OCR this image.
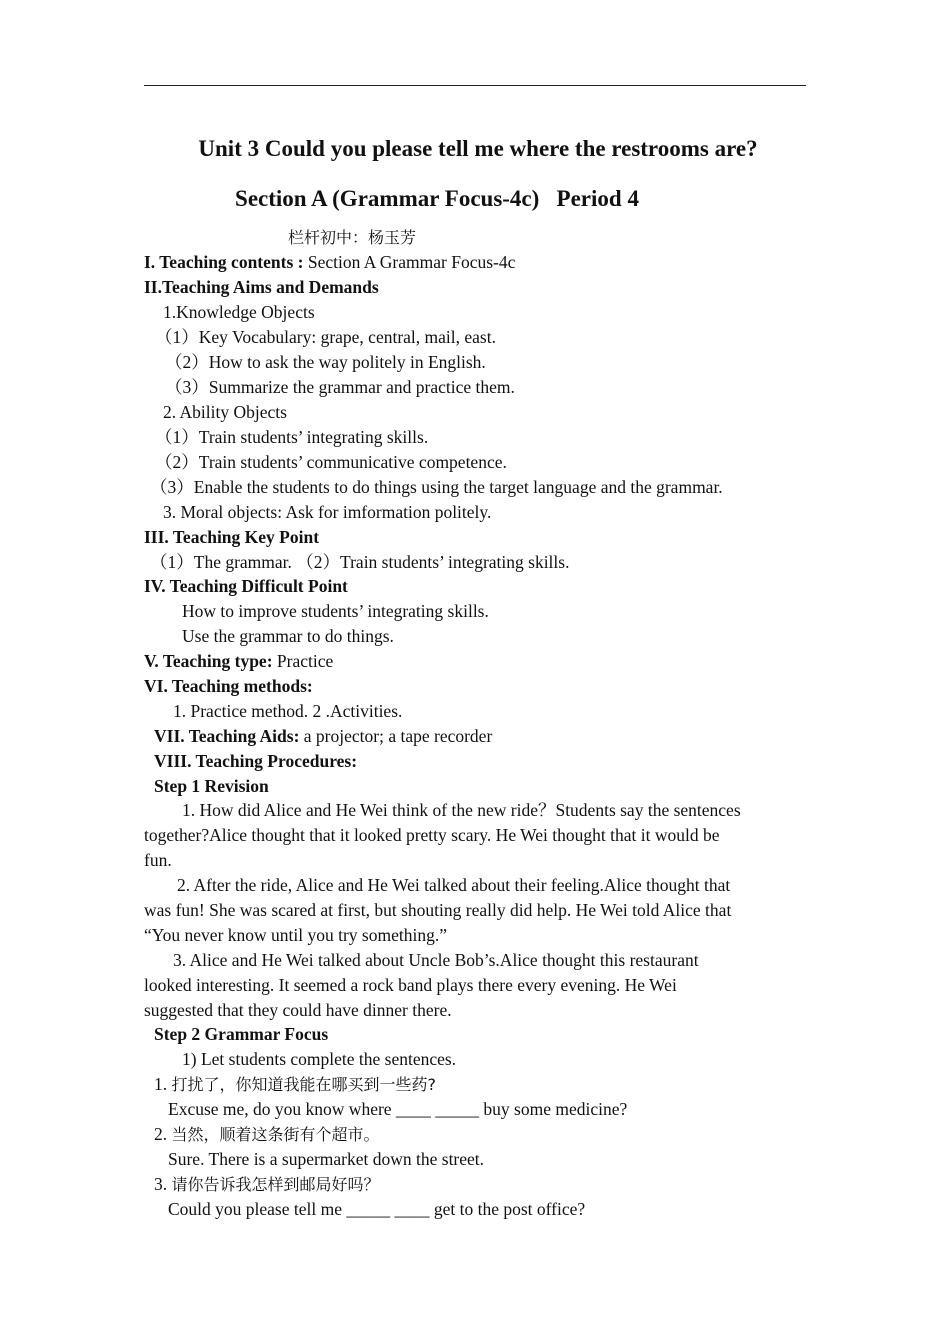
Unit 3 Could you please tell me where the restrooms are?
Section A (Grammar Focus-4c)   Period 4
栏杆初中：杨玉芳
I. Teaching contents : Section A Grammar Focus-4c
II.Teaching Aims and Demands
1.Knowledge Objects
（1）Key Vocabulary: grape, central, mail, east.
（2）How to ask the way politely in English.
（3）Summarize the grammar and practice them.
2. Ability Objects
（1）Train students’ integrating skills.
（2）Train students’ communicative competence.
（3）Enable the students to do things using the target language and the grammar.
3. Moral objects: Ask for imformation politely.
III. Teaching Key Point
（1）The grammar. （2）Train students’ integrating skills.
IV. Teaching Difficult Point
How to improve students’ integrating skills.
Use the grammar to do things.
V. Teaching type: Practice
VI. Teaching methods:
1. Practice method. 2 .Activities.
VII. Teaching Aids: a projector; a tape recorder
VIII. Teaching Procedures:
Step 1 Revision
1. How did Alice and He Wei think of the new ride？Students say the sentences
together?Alice thought that it looked pretty scary. He Wei thought that it would be
fun.
2. After the ride, Alice and He Wei talked about their feeling.Alice thought that
was fun! She was scared at first, but shouting really did help. He Wei told Alice that
“You never know until you try something.”
3. Alice and He Wei talked about Uncle Bob’s.Alice thought this restaurant
looked interesting. It seemed a rock band plays there every evening. He Wei
suggested that they could have dinner there.
Step 2 Grammar Focus
1) Let students complete the sentences.
1. 打扰了，你知道我能在哪买到一些药?
Excuse me, do you know where ____ _____ buy some medicine?
2. 当然，顺着这条街有个超市。
Sure. There is a supermarket down the street.
3. 请你告诉我怎样到邮局好吗？
Could you please tell me _____ ____ get to the post office?
